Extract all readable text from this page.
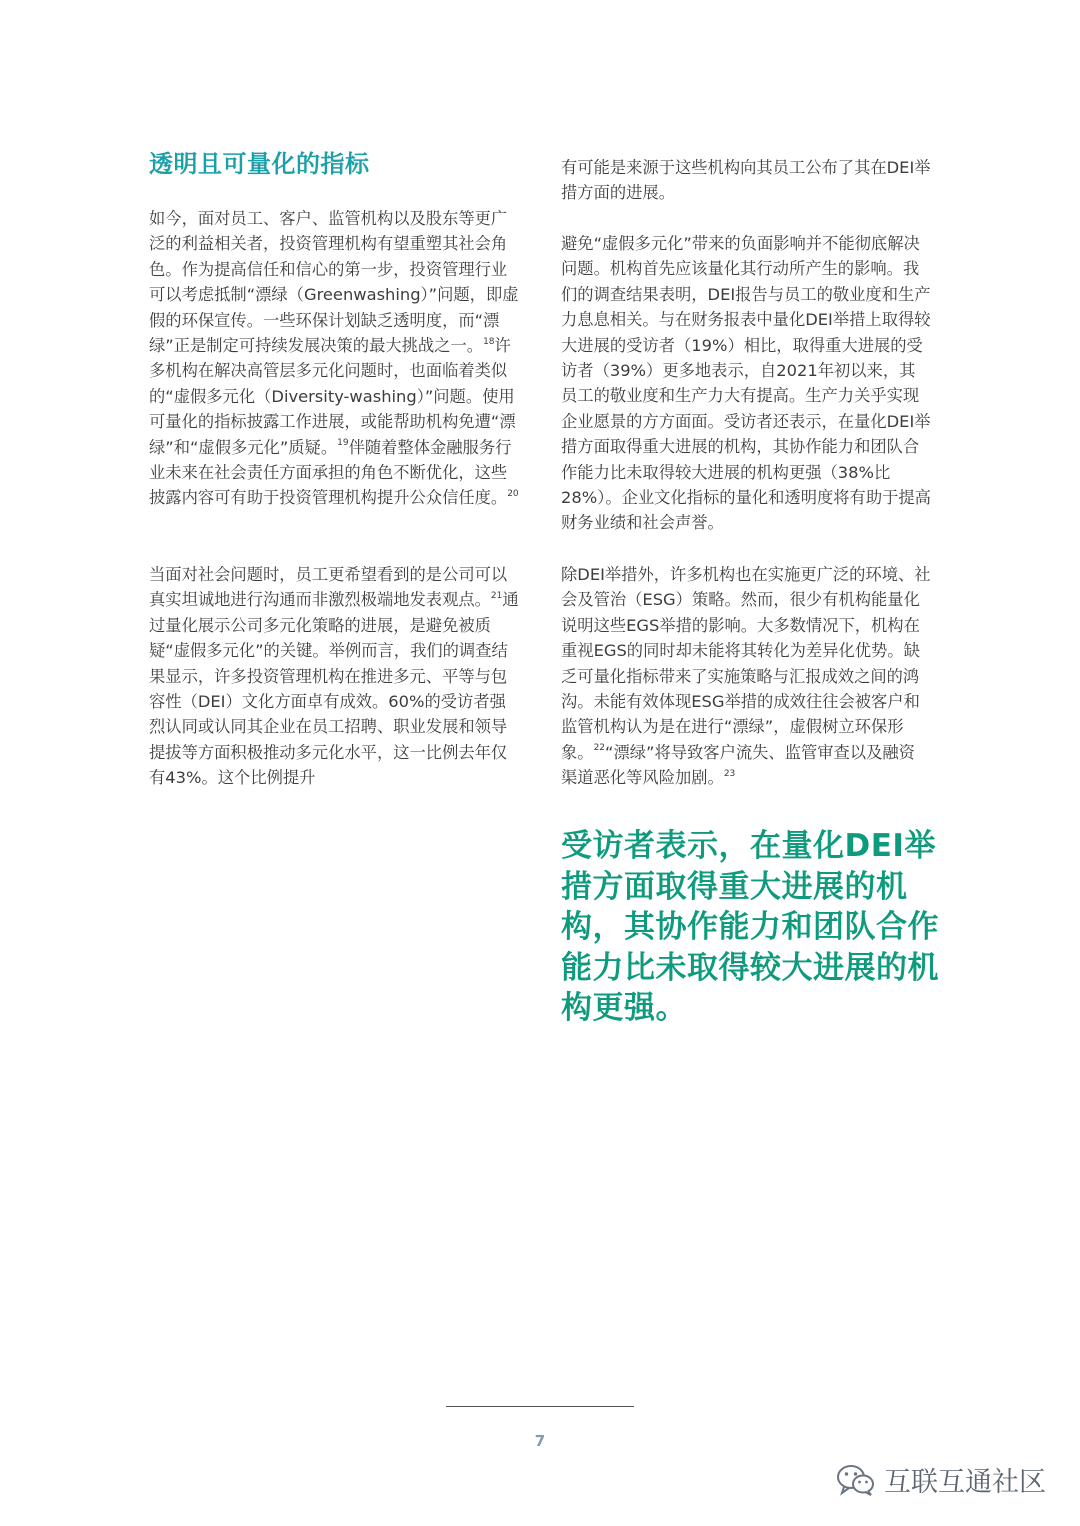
透明且可量化的指标

如今，面对员工、客户、监管机构以及股东等更广泛的利益相关者，投资管理机构有望重塑其社会角色。作为提高信任和信心的第一步，投资管理行业可以考虑抵制“漂绿（Greenwashing）”问题，即虚假的环保宣传。一些环保计划缺乏透明度，而“漂绿”正是制定可持续发展决策的最大挑战之一。$^{18}$许多机构在解决高管层多元化问题时，也面临着类似的“虚假多元化（Diversity-washing）”问题。使用可量化的指标披露工作进展，或能帮助机构免遭“漂绿”和“虚假多元化”质疑。$^{19}$伴随着整体金融服务行业未来在社会责任方面承担的角色不断优化，这些披露内容可有助于投资管理机构提升公众信任度。$^{20}$

当面对社会问题时，员工更希望看到的是公司可以真实坦诚地进行沟通而非激烈极端地发表观点。$^{21}$通过量化展示公司多元化策略的进展，是避免被质疑“虚假多元化”的关键。举例而言，我们的调查结果显示，许多投资管理机构在推进多元、平等与包容性（DEI）文化方面卓有成效。60%的受访者强烈认同或认同其企业在员工招聘、职业发展和领导提拔等方面积极推动多元化水平，这一比例去年仅有43%。这个比例提升

有可能是来源于这些机构向其员工公布了其在DEI举措方面的进展。

避免“虚假多元化”带来的负面影响并不能彻底解决问题。机构首先应该量化其行动所产生的影响。我们的调查结果表明，DEI报告与员工的敬业度和生产力息息相关。与在财务报表中量化DEI举措上取得较大进展的受访者（19%）相比，取得重大进展的受访者（39%）更多地表示，自2021年初以来，其员工的敬业度和生产力大有提高。生产力关乎实现企业愿景的方方面面。受访者还表示，在量化DEI举措方面取得重大进展的机构，其协作能力和团队合作能力比未取得较大进展的机构更强（38%比28%）。企业文化指标的量化和透明度将有助于提高财务业绩和社会声誉。

除DEI举措外，许多机构也在实施更广泛的环境、社会及管治（ESG）策略。然而，很少有机构能量化说明这些EGS举措的影响。大多数情况下，机构在重视EGS的同时却未能将其转化为差异化优势。缺乏可量化指标带来了实施策略与汇报成效之间的鸿沟。未能有效体现ESG举措的成效往往会被客户和监管机构认为是在进行“漂绿”，虚假树立环保形象。$^{22}$“漂绿”将导致客户流失、监管审查以及融资渠道恶化等风险加剧。$^{23}$

受访者表示，在量化DEI举措方面取得重大进展的机构，其协作能力和团队合作能力比未取得较大进展的机构更强。

7
互联互通社区
